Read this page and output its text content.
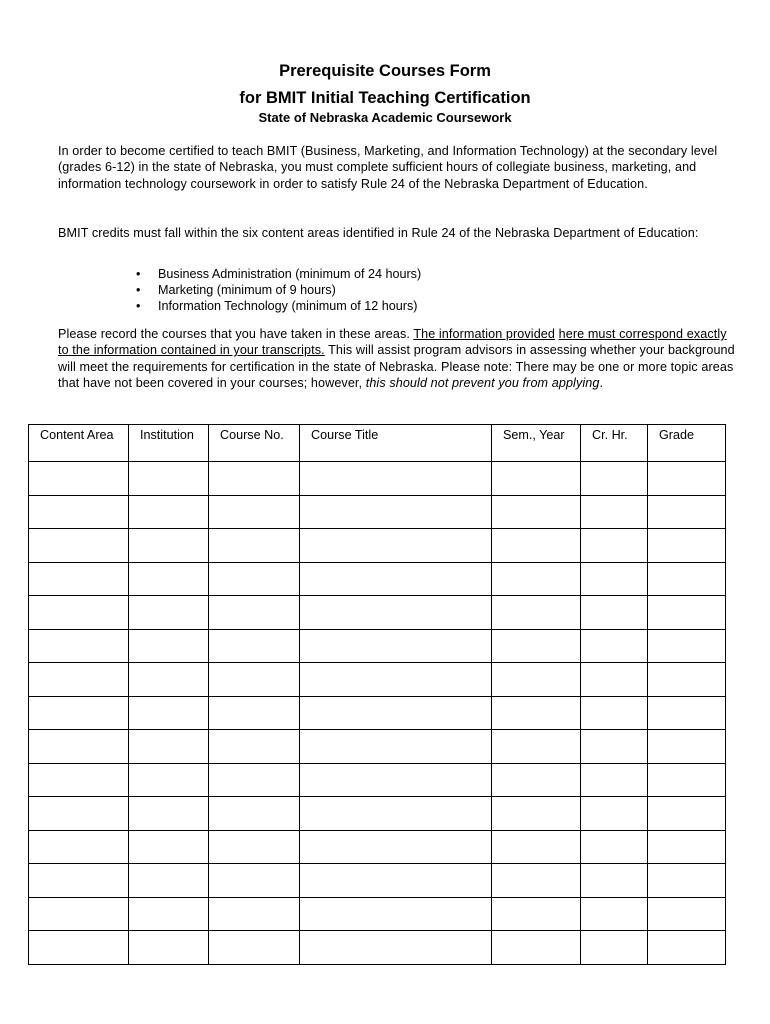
Prerequisite Courses Form
for BMIT Initial Teaching Certification
State of Nebraska Academic Coursework
In order to become certified to teach BMIT (Business, Marketing, and Information Technology) at the secondary level (grades 6-12) in the state of Nebraska, you must complete sufficient hours of collegiate business, marketing, and information technology coursework in order to satisfy Rule 24 of the Nebraska Department of Education.
BMIT credits must fall within the six content areas identified in Rule 24 of the Nebraska Department of Education:
• Business Administration (minimum of 24 hours)
• Marketing (minimum of 9 hours)
• Information Technology (minimum of 12 hours)
Please record the courses that you have taken in these areas. The information provided here must correspond exactly to the information contained in your transcripts. This will assist program advisors in assessing whether your background will meet the requirements for certification in the state of Nebraska. Please note: There may be one or more topic areas that have not been covered in your courses; however, this should not prevent you from applying.
Content Area	Institution	Course No.	Course Title	Sem., Year	Cr. Hr.	Grade
